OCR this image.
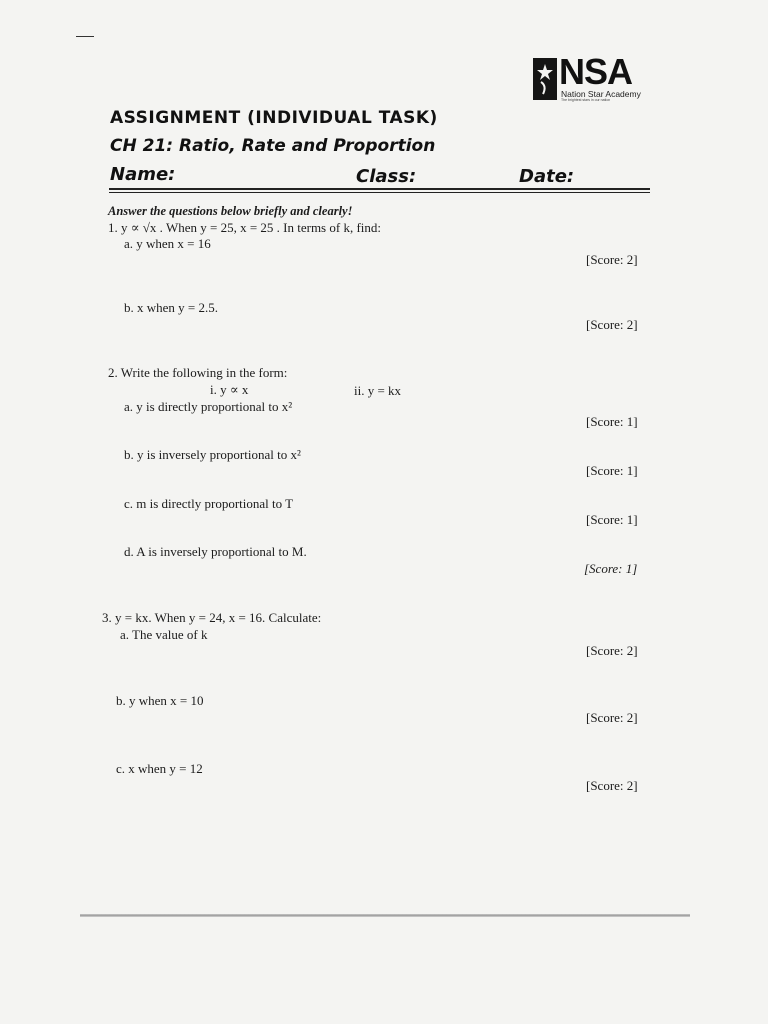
NSA
Nation Star Academy
The brightest stars in our nation
ASSIGNMENT (INDIVIDUAL TASK)
CH 21: Ratio, Rate and Proportion
Name:	Class:	Date:
Answer the questions below briefly and clearly!
1. y ∝ √x . When y = 25, x = 25 . In terms of k, find:
a. y when x = 16
[Score: 2]
b. x when y = 2.5.
[Score: 2]
2. Write the following in the form:
i. y ∝ x	ii. y = kx
a. y is directly proportional to x²
[Score: 1]
b. y is inversely proportional to x²
[Score: 1]
c. m is directly proportional to T
[Score: 1]
d. A is inversely proportional to M.
[Score: 1]
3. y = kx. When y = 24, x = 16. Calculate:
a. The value of k
[Score: 2]
b. y when x = 10
[Score: 2]
c. x when y = 12
[Score: 2]
